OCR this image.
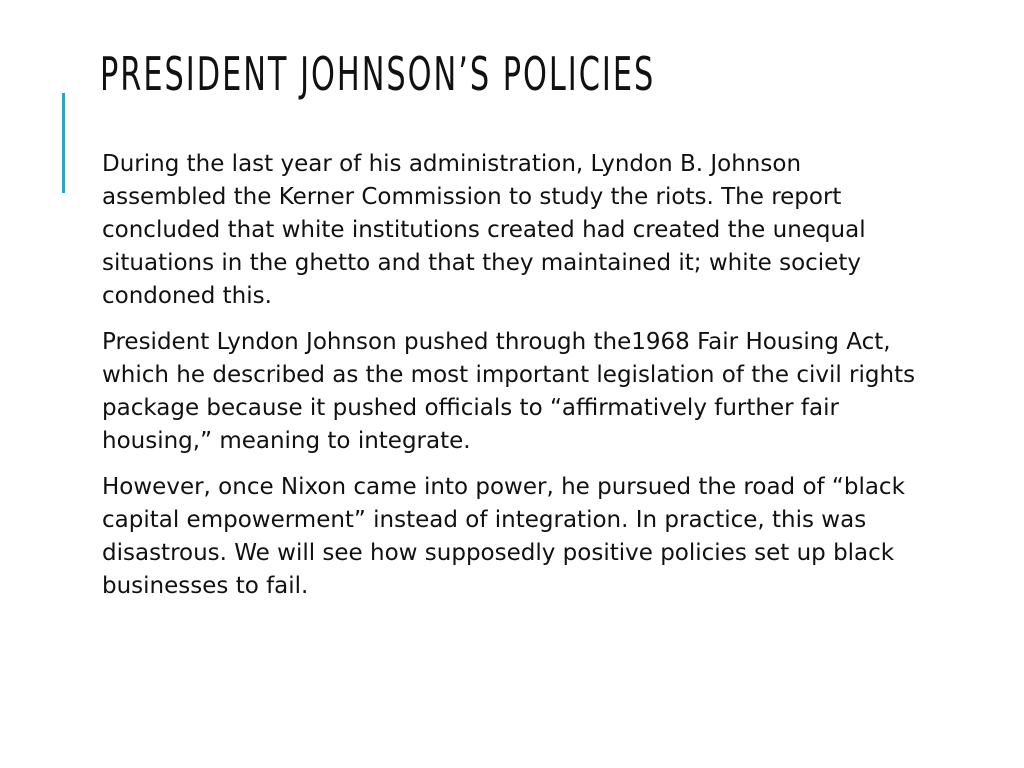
PRESIDENT JOHNSON’S POLICIES

During the last year of his administration, Lyndon B. Johnson assembled the Kerner Commission to study the riots. The report concluded that white institutions created had created the unequal situations in the ghetto and that they maintained it; white society condoned this.

President Lyndon Johnson pushed through the1968 Fair Housing Act, which he described as the most important legislation of the civil rights package because it pushed officials to “affirmatively further fair housing,” meaning to integrate.

However, once Nixon came into power, he pursued the road of “black capital empowerment” instead of integration. In practice, this was disastrous. We will see how supposedly positive policies set up black businesses to fail.
